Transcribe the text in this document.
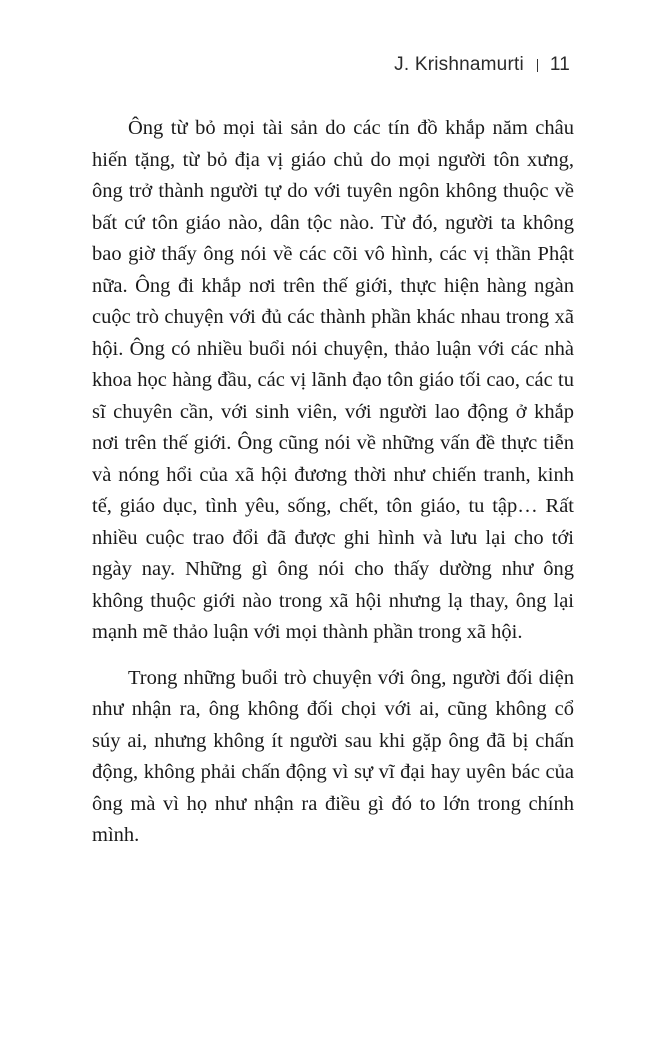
J. Krishnamurti 11

Ông từ bỏ mọi tài sản do các tín đồ khắp năm châu hiến tặng, từ bỏ địa vị giáo chủ do mọi người tôn xưng, ông trở thành người tự do với tuyên ngôn không thuộc về bất cứ tôn giáo nào, dân tộc nào. Từ đó, người ta không bao giờ thấy ông nói về các cõi vô hình, các vị thần Phật nữa. Ông đi khắp nơi trên thế giới, thực hiện hàng ngàn cuộc trò chuyện với đủ các thành phần khác nhau trong xã hội. Ông có nhiều buổi nói chuyện, thảo luận với các nhà khoa học hàng đầu, các vị lãnh đạo tôn giáo tối cao, các tu sĩ chuyên cần, với sinh viên, với người lao động ở khắp nơi trên thế giới. Ông cũng nói về những vấn đề thực tiễn và nóng hổi của xã hội đương thời như chiến tranh, kinh tế, giáo dục, tình yêu, sống, chết, tôn giáo, tu tập… Rất nhiều cuộc trao đổi đã được ghi hình và lưu lại cho tới ngày nay. Những gì ông nói cho thấy dường như ông không thuộc giới nào trong xã hội nhưng lạ thay, ông lại mạnh mẽ thảo luận với mọi thành phần trong xã hội.

Trong những buổi trò chuyện với ông, người đối diện như nhận ra, ông không đối chọi với ai, cũng không cổ súy ai, nhưng không ít người sau khi gặp ông đã bị chấn động, không phải chấn động vì sự vĩ đại hay uyên bác của ông mà vì họ như nhận ra điều gì đó to lớn trong chính mình.
